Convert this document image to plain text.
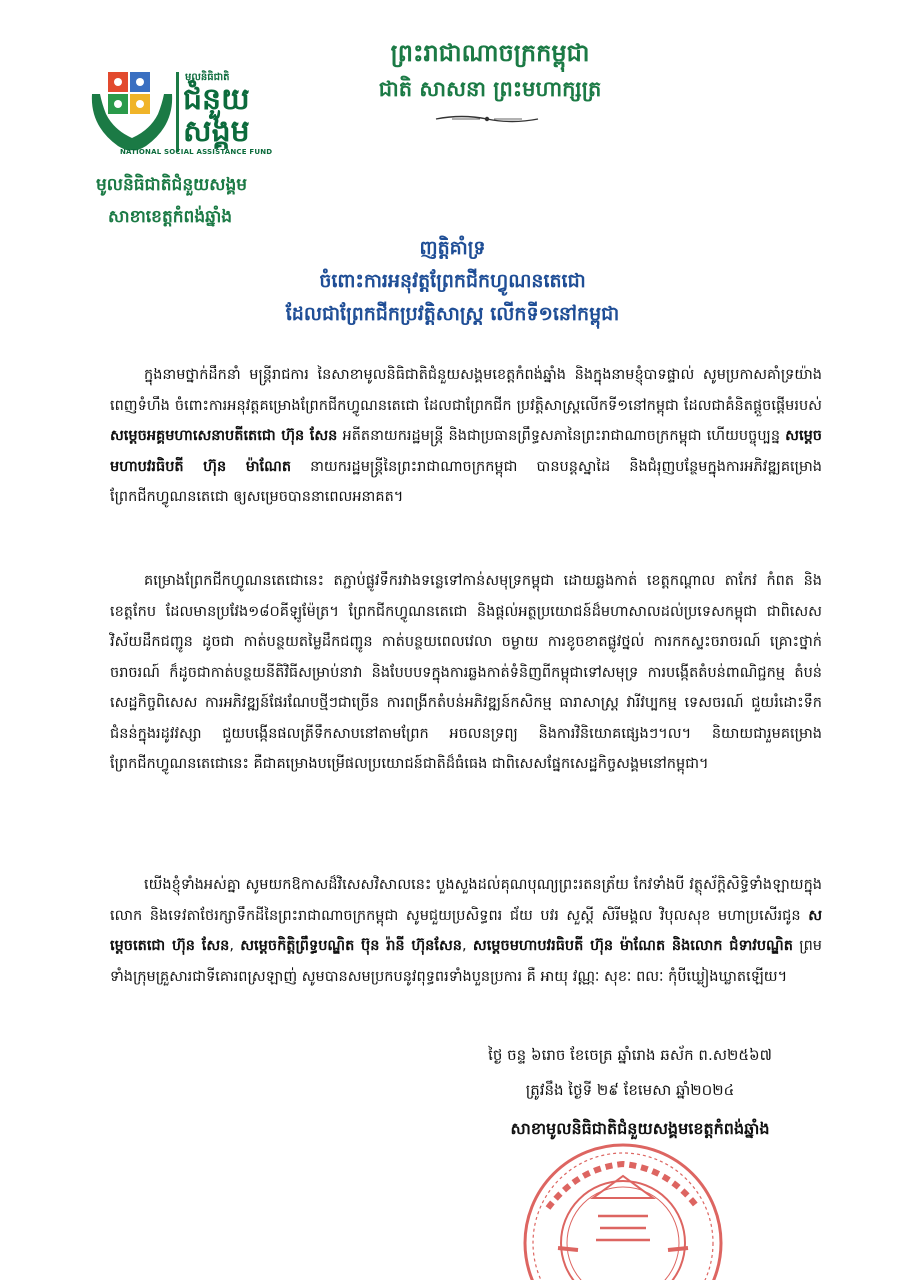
មូលនិធិជាតិ
ជំនួយ
សង្គម
NATIONAL SOCIAL ASSISTANCE FUND
មូលនិធិជាតិជំនួយសង្គម
សាខាខេត្តកំពង់ឆ្នាំង
ព្រះរាជាណាចក្រកម្ពុជា
ជាតិ សាសនា ព្រះមហាក្សត្រ
ញត្តិគាំទ្រ
ចំពោះការអនុវត្តព្រែកជីកហ្វូណនតេជោ
ដែលជាព្រែកជីកប្រវត្តិសាស្ត្រ លើកទី១នៅកម្ពុជា
ក្នុងនាមថ្នាក់ដឹកនាំ មន្ត្រីរាជការ នៃសាខាមូលនិធិជាតិជំនួយសង្គមខេត្តកំពង់ឆ្នាំង និងក្នុងនាមខ្ញុំបាទផ្ទាល់ សូមប្រកាសគាំទ្រយ៉ាងពេញទំហឹង ចំពោះការអនុវត្តគម្រោងព្រែកជីកហ្វូណនតេជោ ដែលជាព្រែកជីក ប្រវត្តិសាស្ត្រលើកទី១នៅកម្ពុជា ដែលជាគំនិតផ្តួចផ្តើមរបស់ សម្តេចអគ្គមហាសេនាបតីតេជោ ហ៊ុន សែន អតីតនាយករដ្ឋមន្ត្រី និងជាប្រធានព្រឹទ្ធសភានៃព្រះរាជាណាចក្រកម្ពុជា ហើយបច្ចុប្បន្ន សម្តេចមហាបវរធិបតី ហ៊ុន ម៉ាណែត នាយករដ្ឋមន្ត្រីនៃព្រះរាជាណាចក្រកម្ពុជា បានបន្តស្នាដៃ និងជំរុញបន្ថែមក្នុងការអភិវឌ្ឍគម្រោងព្រែកជីកហ្វូណនតេជោ ឲ្យសម្រេចបាននាពេលអនាគត។
គម្រោងព្រែកជីកហ្វូណនតេជោនេះ តភ្ជាប់ផ្លូវទឹករវាងទន្លេទៅកាន់សមុទ្រកម្ពុជា ដោយឆ្លងកាត់ ខេត្តកណ្តាល តាកែវ កំពត និងខេត្តកែប ដែលមានប្រវែង១៨០គីឡូម៉ែត្រ។ ព្រែកជីកហ្វូណនតេជោ និងផ្តល់អត្ថប្រយោជន៍ដ៏មហាសាលដល់ប្រទេសកម្ពុជា ជាពិសេសវិស័យដឹកជញ្ជូន ដូចជា កាត់បន្ថយតម្លៃដឹកជញ្ជូន កាត់បន្ថយពេលវេលា ចម្ងាយ ការខូចខាតផ្លូវថ្នល់ ការកកស្ទះចរាចរណ៍ គ្រោះថ្នាក់ចរាចរណ៍ ក៏ដូចជាកាត់បន្ថយនីតិវិធីសម្រាប់នាវា និងបែបបទក្នុងការឆ្លងកាត់ទំនិញពីកម្ពុជាទៅសមុទ្រ ការបង្កើតតំបន់ពាណិជ្ជកម្ម តំបន់សេដ្ឋកិច្ចពិសេស ការអភិវឌ្ឍន៍ផែរណែបថ្មីៗជាច្រើន ការពង្រីកតំបន់អភិវឌ្ឍន៍កសិកម្ម ធារាសាស្ត្រ វារីវប្បកម្ម ទេសចរណ៍ ជួយរំដោះទឹកជំនន់ក្នុងរដូវវស្សា ជួយបង្កើនផលត្រីទឹកសាបនៅតាមព្រែក អចលនទ្រព្យ និងការវិនិយោគផ្សេងៗ។ល។ និយាយជារួមគម្រោងព្រែកជីកហ្វូណនតេជោនេះ គឺជាគម្រោងបម្រើផលប្រយោជន៍ជាតិដ៏ធំធេង ជាពិសេសផ្នែកសេដ្ឋកិច្ចសង្គមនៅកម្ពុជា។
យើងខ្ញុំទាំងអស់គ្នា សូមយកឱកាសដ៏វិសេសវិសាលនេះ បួងសួងដល់គុណបុណ្យព្រះរតនត្រ័យ កែវទាំងបី វត្ថុស័ក្តិសិទ្ធិទាំងឡាយក្នុងលោក និងទេវតាថែរក្សាទឹកដីនៃព្រះរាជាណាចក្រកម្ពុជា សូមជួយប្រសិទ្ធពរ ជ័យ បវរ សួស្តី សិរីមង្គល វិបុលសុខ មហាប្រសើរជូន សម្តេចតេជោ ហ៊ុន សែន, សម្តេចកិត្តិព្រឹទ្ធបណ្ឌិត ប៊ុន រ៉ានី ហ៊ុនសែន, សម្តេចមហាបវរធិបតី ហ៊ុន ម៉ាណែត និងលោក ជំទាវបណ្ឌិត ព្រមទាំងក្រុមគ្រួសារជាទីគោរពស្រឡាញ់ សូមបានសមប្រកបនូវពុទ្ធពរទាំងបួនប្រការ គឺ អាយុ វណ្ណៈ សុខៈ ពលៈ កុំបីឃ្លៀងឃ្លាតឡើយ។
ថ្ងៃ ចន្ទ ៦រោច ខែចេត្រ ឆ្នាំរោង ឆស័ក ព.ស២៥៦៧
ត្រូវនឹង ថ្ងៃទី ២៩ ខែមេសា ឆ្នាំ២០២៤
សាខាមូលនិធិជាតិជំនួយសង្គមខេត្តកំពង់ឆ្នាំង
